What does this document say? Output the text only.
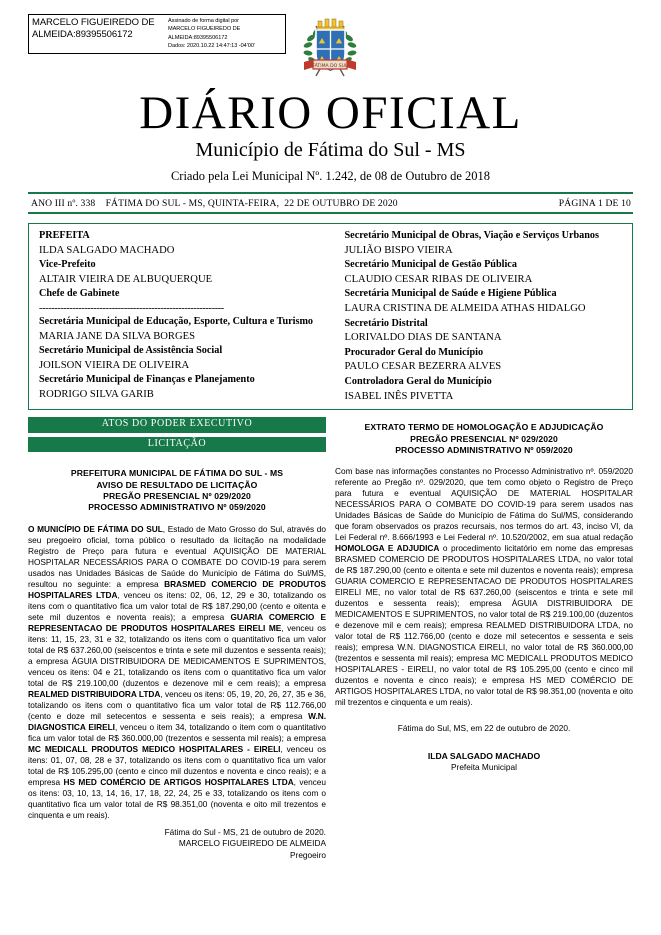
MARCELO FIGUEIREDO DE ALMEIDA:89395506172
Assinado de forma digital por
MARCELO FIGUEIREDO DE
ALMEIDA:89395506172
Dados: 2020.10.22 14:47:13 -04'00'
FÁTIMA DO SUL
DIÁRIO OFICIAL
Município de Fátima do Sul - MS
Criado pela Lei Municipal Nº. 1.242, de 08 de Outubro de 2018
ANO III nº. 338    FÁTIMA DO SUL - MS, QUINTA-FEIRA,  22 DE OUTUBRO DE 2020	PÁGINA 1 DE 10
PREFEITA
ILDA SALGADO MACHADO
Vice-Prefeito
ALTAIR VIEIRA DE ALBUQUERQUE
Chefe de Gabinete
-------------------------------------------------------------
Secretária Municipal de Educação, Esporte, Cultura e Turismo
MARIA JANE DA SILVA BORGES
Secretário Municipal de Assistência Social
JOILSON VIEIRA DE OLIVEIRA
Secretário Municipal de Finanças e Planejamento
RODRIGO SILVA GARIB
Secretário Municipal de Obras, Viação e Serviços Urbanos
JULIÃO BISPO VIEIRA
Secretário Municipal de Gestão Pública
CLAUDIO CESAR RIBAS DE OLIVEIRA
Secretária Municipal de Saúde e Higiene Pública
LAURA CRISTINA DE ALMEIDA ATHAS HIDALGO
Secretário Distrital
LORIVALDO DIAS DE SANTANA
Procurador Geral do Município
PAULO CESAR BEZERRA ALVES
Controladora Geral do Município
ISABEL INÊS PIVETTA
ATOS DO PODER EXECUTIVO
LICITAÇÃO
PREFEITURA MUNICIPAL DE FÁTIMA DO SUL - MS
AVISO DE RESULTADO DE LICITAÇÃO
PREGÃO PRESENCIAL Nº 029/2020
PROCESSO ADMINISTRATIVO Nº 059/2020
O MUNICÍPIO DE FÁTIMA DO SUL, Estado de Mato Grosso do Sul, através do seu pregoeiro oficial, torna público o resultado da licitação na modalidade Registro de Preço para futura e eventual AQUISIÇÃO DE MATERIAL HOSPITALAR NECESSÁRIOS PARA O COMBATE DO COVID-19 para serem usados nas Unidades Básicas de Saúde do Município de Fátima do Sul/MS, resultou no seguinte: a empresa BRASMED COMERCIO DE PRODUTOS HOSPITALARES LTDA, venceu os itens: 02, 06, 12, 29 e 30, totalizando os itens com o quantitativo fica um valor total de R$ 187.290,00 (cento e oitenta e sete mil duzentos e noventa reais); a empresa GUARIA COMERCIO E REPRESENTACAO DE PRODUTOS HOSPITALARES EIRELI ME, venceu os itens: 11, 15, 23, 31 e 32, totalizando os itens com o quantitativo fica um valor total de R$ 637.260,00 (seiscentos e trinta e sete mil duzentos e sessenta reais); a empresa ÁGUIA DISTRIBUIDORA DE MEDICAMENTOS E SUPRIMENTOS, venceu os itens: 04 e 21, totalizando os itens com o quantitativo fica um valor total de R$ 219.100,00 (duzentos e dezenove mil e cem reais); a empresa REALMED DISTRIBUIDORA LTDA, venceu os itens: 05, 19, 20, 26, 27, 35 e 36, totalizando os itens com o quantitativo fica um valor total de R$ 112.766,00 (cento e doze mil setecentos e sessenta e seis reais); a empresa W.N. DIAGNOSTICA EIRELI, venceu o item 34, totalizando o item com o quantitativo fica um valor total de R$ 360.000,00 (trezentos e sessenta mil reais); a empresa MC MEDICALL PRODUTOS MEDICO HOSPITALARES - EIRELI, venceu os itens: 01, 07, 08, 28 e 37, totalizando os itens com o quantitativo fica um valor total de R$ 105.295,00 (cento e cinco mil duzentos e noventa e cinco reais); e a empresa HS MED COMÉRCIO DE ARTIGOS HOSPITALARES LTDA, venceu os itens: 03, 10, 13, 14, 16, 17, 18, 22, 24, 25 e 33, totalizando os itens com o quantitativo fica um valor total de R$ 98.351,00 (noventa e oito mil trezentos e cinquenta e um reais).
Fátima do Sul - MS, 21 de outubro de 2020.
MARCELO FIGUEIREDO DE ALMEIDA
Pregoeiro
EXTRATO TERMO DE HOMOLOGAÇÃO E ADJUDICAÇÃO
PREGÃO PRESENCIAL Nº 029/2020
PROCESSO ADMINISTRATIVO Nº 059/2020
Com base nas informações constantes no Processo Administrativo nº. 059/2020 referente ao Pregão nº. 029/2020, que tem como objeto o Registro de Preço para futura e eventual AQUISIÇÃO DE MATERIAL HOSPITALAR NECESSÁRIOS PARA O COMBATE DO COVID-19 para serem usados nas Unidades Básicas de Saúde do Município de Fátima do Sul/MS, considerando que foram observados os prazos recursais, nos termos do art. 43, inciso VI, da Lei Federal nº. 8.666/1993 e Lei Federal nº. 10.520/2002, em sua atual redação HOMOLOGA E ADJUDICA o procedimento licitatório em nome das empresas BRASMED COMERCIO DE PRODUTOS HOSPITALARES LTDA, no valor total de R$ 187.290,00 (cento e oitenta e sete mil duzentos e noventa reais); empresa GUARIA COMERCIO E REPRESENTACAO DE PRODUTOS HOSPITALARES EIRELI ME, no valor total de R$ 637.260,00 (seiscentos e trinta e sete mil duzentos e sessenta reais); empresa ÁGUIA DISTRIBUIDORA DE MEDICAMENTOS E SUPRIMENTOS, no valor total de R$ 219.100,00 (duzentos e dezenove mil e cem reais); empresa REALMED DISTRIBUIDORA LTDA, no valor total de R$ 112.766,00 (cento e doze mil setecentos e sessenta e seis reais); empresa W.N. DIAGNOSTICA EIRELI, no valor total de R$ 360.000,00 (trezentos e sessenta mil reais); empresa MC MEDICALL PRODUTOS MEDICO HOSPITALARES - EIRELI, no valor total de R$ 105.295,00 (cento e cinco mil duzentos e noventa e cinco reais); e empresa HS MED COMÉRCIO DE ARTIGOS HOSPITALARES LTDA, no valor total de R$ 98.351,00 (noventa e oito mil trezentos e cinquenta e um reais).
Fátima do Sul, MS, em 22 de outubro de 2020.
ILDA SALGADO MACHADO
Prefeita Municipal
